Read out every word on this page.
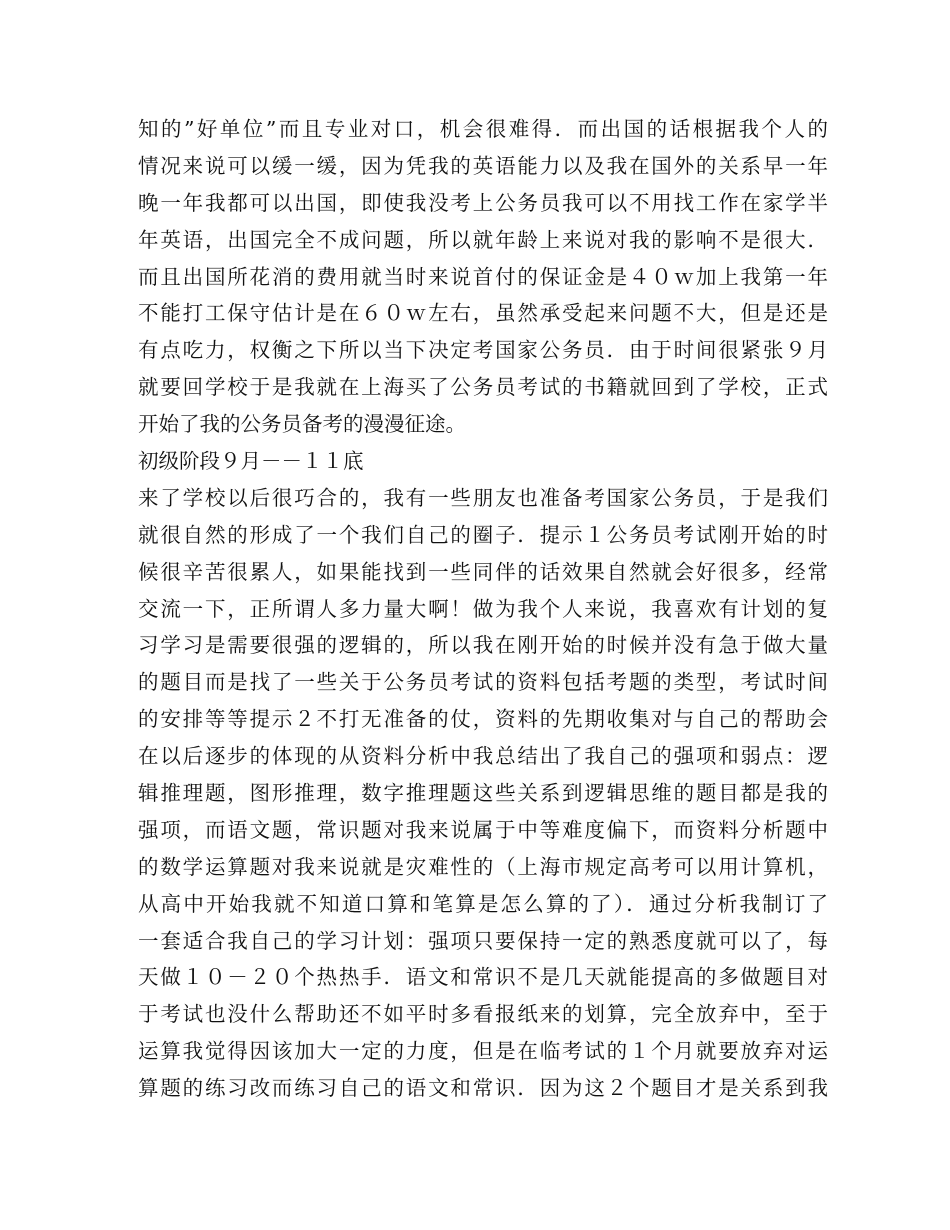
知的”好单位”而且专业对口，机会很难得．而出国的话根据我个人的
情况来说可以缓一缓，因为凭我的英语能力以及我在国外的关系早一年
晚一年我都可以出国，即使我没考上公务员我可以不用找工作在家学半
年英语，出国完全不成问题，所以就年龄上来说对我的影响不是很大．
而且出国所花消的费用就当时来说首付的保证金是４０ｗ加上我第一年
不能打工保守估计是在６０ｗ左右，虽然承受起来问题不大，但是还是
有点吃力，权衡之下所以当下决定考国家公务员．由于时间很紧张９月
就要回学校于是我就在上海买了公务员考试的书籍就回到了学校，正式
开始了我的公务员备考的漫漫征途。
初级阶段９月－－１１底
来了学校以后很巧合的，我有一些朋友也准备考国家公务员，于是我们
就很自然的形成了一个我们自己的圈子．提示１公务员考试刚开始的时
候很辛苦很累人，如果能找到一些同伴的话效果自然就会好很多，经常
交流一下，正所谓人多力量大啊！做为我个人来说，我喜欢有计划的复
习学习是需要很强的逻辑的，所以我在刚开始的时候并没有急于做大量
的题目而是找了一些关于公务员考试的资料包括考题的类型，考试时间
的安排等等提示２不打无准备的仗，资料的先期收集对与自己的帮助会
在以后逐步的体现的从资料分析中我总结出了我自己的强项和弱点：逻
辑推理题，图形推理，数字推理题这些关系到逻辑思维的题目都是我的
强项，而语文题，常识题对我来说属于中等难度偏下，而资料分析题中
的数学运算题对我来说就是灾难性的（上海市规定高考可以用计算机，
从高中开始我就不知道口算和笔算是怎么算的了）．通过分析我制订了
一套适合我自己的学习计划：强项只要保持一定的熟悉度就可以了，每
天做１０－２０个热热手．语文和常识不是几天就能提高的多做题目对
于考试也没什么帮助还不如平时多看报纸来的划算，完全放弃中，至于
运算我觉得因该加大一定的力度，但是在临考试的１个月就要放弃对运
算题的练习改而练习自己的语文和常识．因为这２个题目才是关系到我
